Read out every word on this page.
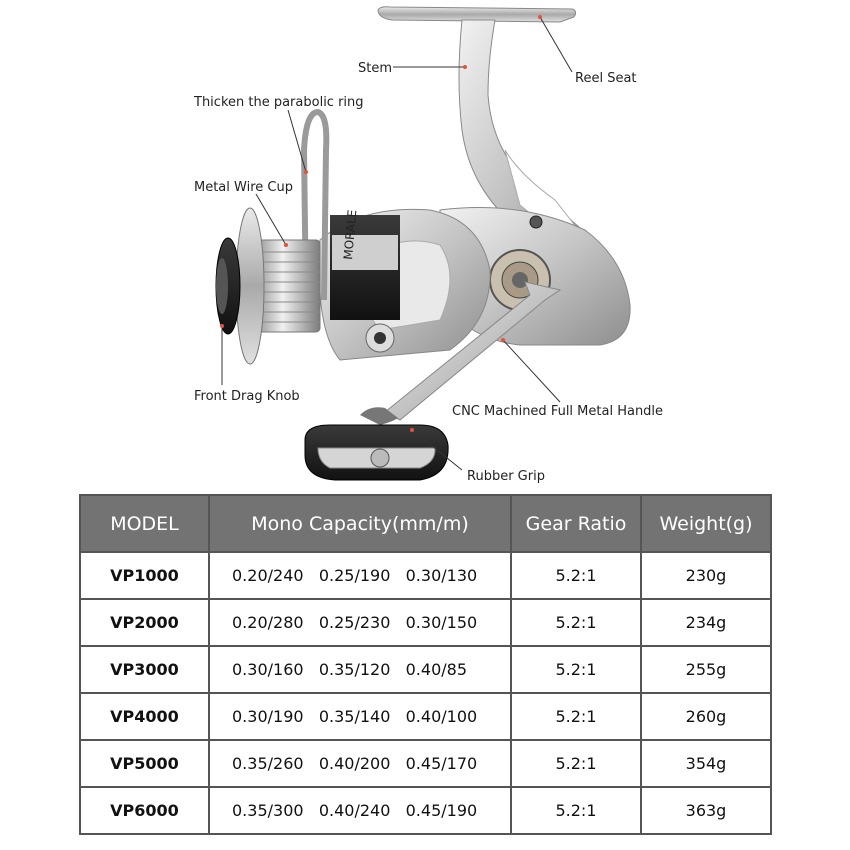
MORALE
Stem
Reel Seat
Thicken the parabolic ring
Metal Wire Cup
Front Drag Knob
CNC Machined Full Metal Handle
Rubber Grip
MODEL	Mono Capacity(mm/m)	Gear Ratio	Weight(g)
VP1000	0.20/240   0.25/190   0.30/130	5.2:1	230g
VP2000	0.20/280   0.25/230   0.30/150	5.2:1	234g
VP3000	0.30/160   0.35/120   0.40/85	5.2:1	255g
VP4000	0.30/190   0.35/140   0.40/100	5.2:1	260g
VP5000	0.35/260   0.40/200   0.45/170	5.2:1	354g
VP6000	0.35/300   0.40/240   0.45/190	5.2:1	363g
